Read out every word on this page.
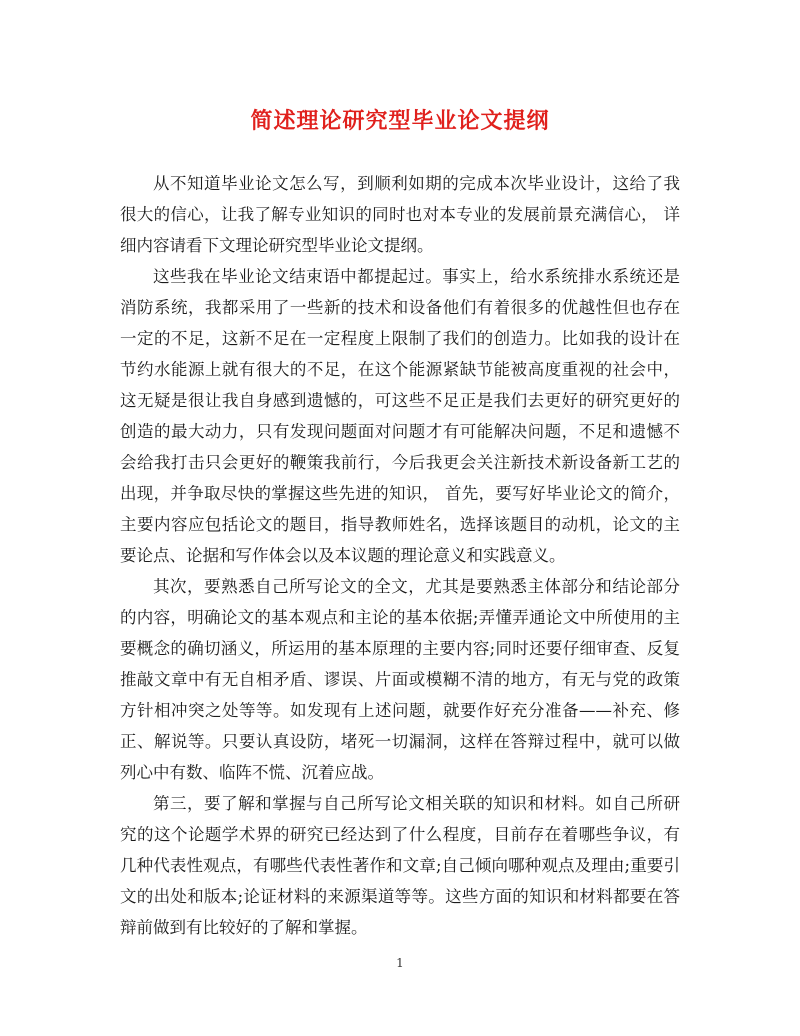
简述理论研究型毕业论文提纲

从不知道毕业论文怎么写，到顺利如期的完成本次毕业设计，这给了我很大的信心，让我了解专业知识的同时也对本专业的发展前景充满信心， 详细内容请看下文理论研究型毕业论文提纲。

这些我在毕业论文结束语中都提起过。事实上，给水系统排水系统还是消防系统，我都采用了一些新的技术和设备他们有着很多的优越性但也存在一定的不足，这新不足在一定程度上限制了我们的创造力。比如我的设计在节约水能源上就有很大的不足，在这个能源紧缺节能被高度重视的社会中，这无疑是很让我自身感到遗憾的，可这些不足正是我们去更好的研究更好的创造的最大动力，只有发现问题面对问题才有可能解决问题，不足和遗憾不会给我打击只会更好的鞭策我前行，今后我更会关注新技术新设备新工艺的出现，并争取尽快的掌握这些先进的知识， 首先，要写好毕业论文的简介，主要内容应包括论文的题目，指导教师姓名，选择该题目的动机，论文的主要论点、论据和写作体会以及本议题的理论意义和实践意义。

其次，要熟悉自己所写论文的全文，尤其是要熟悉主体部分和结论部分的内容，明确论文的基本观点和主论的基本依据;弄懂弄通论文中所使用的主要概念的确切涵义，所运用的基本原理的主要内容;同时还要仔细审查、反复推敲文章中有无自相矛盾、谬误、片面或模糊不清的地方，有无与党的政策方针相冲突之处等等。如发现有上述问题，就要作好充分准备——补充、修正、解说等。只要认真设防，堵死一切漏洞，这样在答辩过程中，就可以做列心中有数、临阵不慌、沉着应战。

第三，要了解和掌握与自己所写论文相关联的知识和材料。如自己所研究的这个论题学术界的研究已经达到了什么程度，目前存在着哪些争议，有几种代表性观点，有哪些代表性著作和文章;自己倾向哪种观点及理由;重要引文的出处和版本;论证材料的来源渠道等等。这些方面的知识和材料都要在答辩前做到有比较好的了解和掌握。

1
